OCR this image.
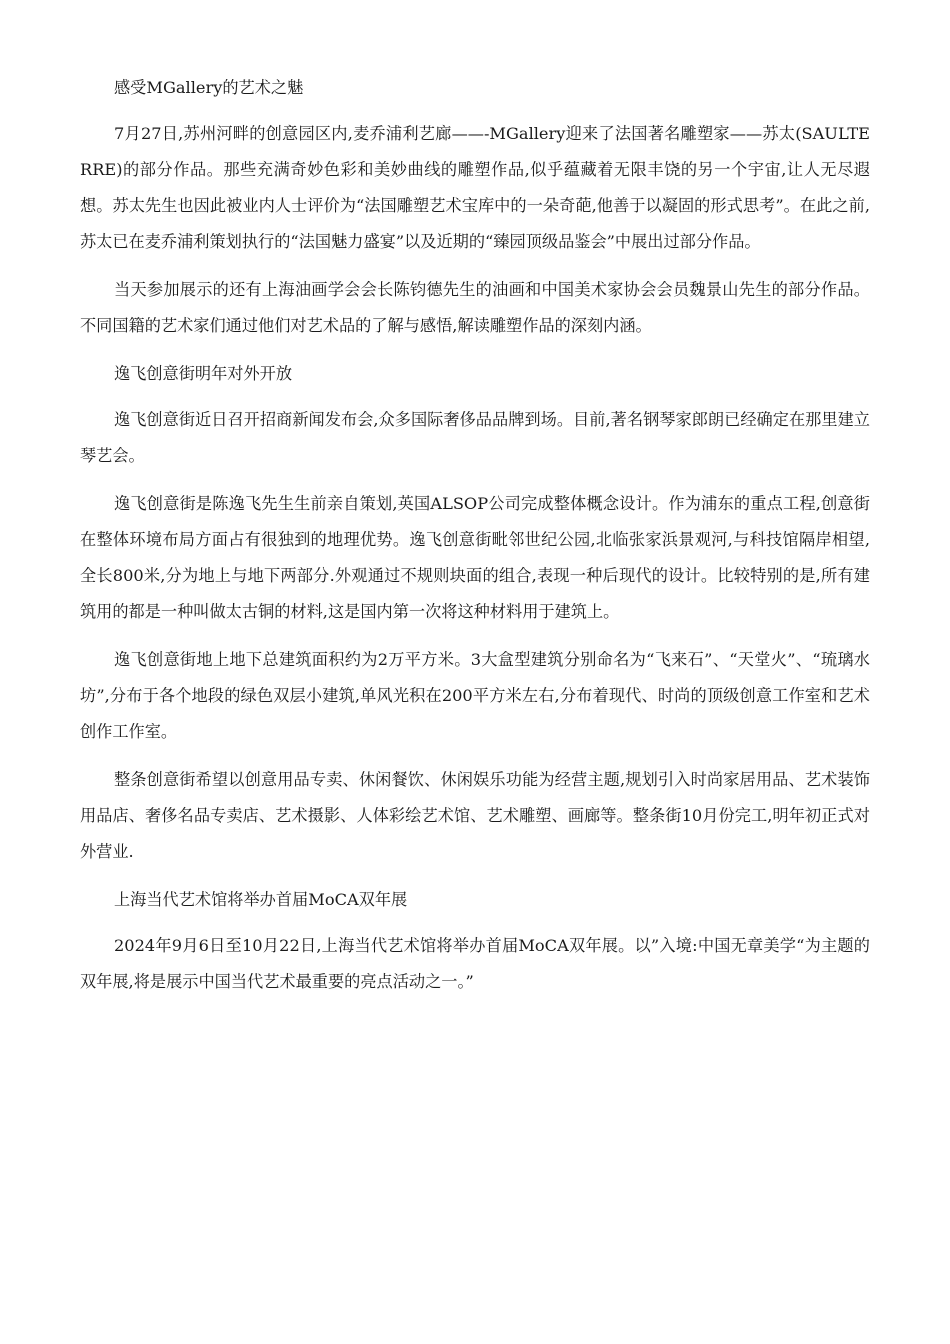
感受MGallery的艺术之魅

7月27日,苏州河畔的创意园区内,麦乔浦利艺廊——-MGallery迎来了法国著名雕塑家——苏太(SAULTERRE)的部分作品。那些充满奇妙色彩和美妙曲线的雕塑作品,似乎蕴藏着无限丰饶的另一个宇宙,让人无尽遐想。苏太先生也因此被业内人士评价为“法国雕塑艺术宝库中的一朵奇葩,他善于以凝固的形式思考”。在此之前,苏太已在麦乔浦利策划执行的“法国魅力盛宴”以及近期的“臻园顶级品鉴会”中展出过部分作品。

当天参加展示的还有上海油画学会会长陈钧德先生的油画和中国美术家协会会员魏景山先生的部分作品。不同国籍的艺术家们通过他们对艺术品的了解与感悟,解读雕塑作品的深刻内涵。

逸飞创意街明年对外开放

逸飞创意街近日召开招商新闻发布会,众多国际奢侈品品牌到场。目前,著名钢琴家郎朗已经确定在那里建立琴艺会。

逸飞创意街是陈逸飞先生生前亲自策划,英国ALSOP公司完成整体概念设计。作为浦东的重点工程,创意街在整体环境布局方面占有很独到的地理优势。逸飞创意街毗邻世纪公园,北临张家浜景观河,与科技馆隔岸相望,全长800米,分为地上与地下两部分.外观通过不规则块面的组合,表现一种后现代的设计。比较特别的是,所有建筑用的都是一种叫做太古铜的材料,这是国内第一次将这种材料用于建筑上。

逸飞创意街地上地下总建筑面积约为2万平方米。3大盒型建筑分别命名为“飞来石”、“天堂火”、“琉璃水坊”,分布于各个地段的绿色双层小建筑,单风光积在200平方米左右,分布着现代、时尚的顶级创意工作室和艺术创作工作室。

整条创意街希望以创意用品专卖、休闲餐饮、休闲娱乐功能为经营主题,规划引入时尚家居用品、艺术装饰用品店、奢侈名品专卖店、艺术摄影、人体彩绘艺术馆、艺术雕塑、画廊等。整条街10月份完工,明年初正式对外营业.

上海当代艺术馆将举办首届MoCA双年展

2024年9月6日至10月22日,上海当代艺术馆将举办首届MoCA双年展。以”入境:中国无章美学“为主题的双年展,将是展示中国当代艺术最重要的亮点活动之一。”
